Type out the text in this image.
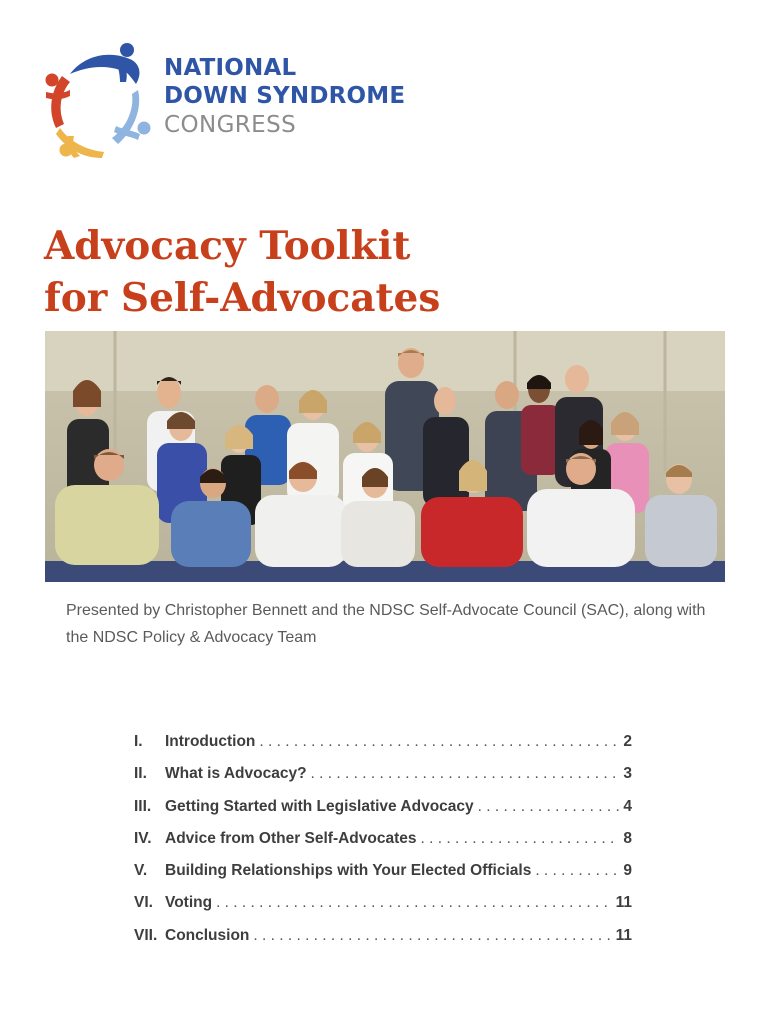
NATIONAL
DOWN SYNDROME
CONGRESS
Advocacy Toolkit
for Self-Advocates

Presented by Christopher Bennett and the NDSC Self-Advocate Council (SAC), along with the NDSC Policy & Advocacy Team

I.	Introduction . . .	2
II.	What is Advocacy? . . .	3
III. Getting Started with Legislative Advocacy . . .	4
IV. Advice from Other Self-Advocates . . .	8
V.	Building Relationships with Your Elected Officials . . .	9
VI. Voting . . .	11
VII. Conclusion . . .	11
